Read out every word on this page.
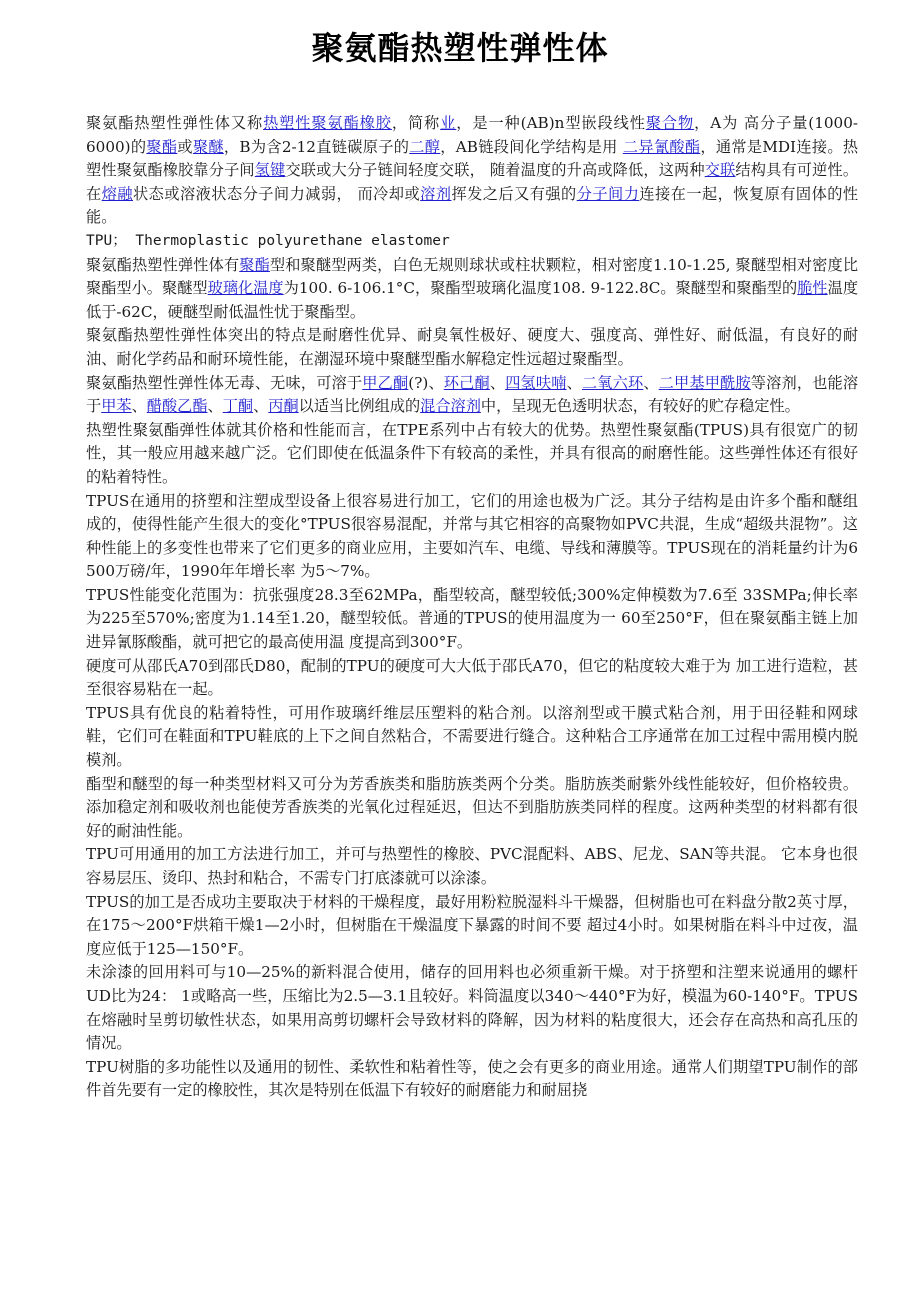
聚氨酯热塑性弹性体

聚氨酯热塑性弹性体又称热塑性聚氨酯橡胶，简称业，是一种(AB)n型嵌段线性聚合物，A为 高分子量(1000-6000)的聚酯或聚醚，B为含2-12直链碳原子的二醇，AB链段间化学结构是用 二异氰酸酯，通常是MDI连接。热塑性聚氨酯橡胶靠分子间氢键交联或大分子链间轻度交联， 随着温度的升高或降低，这两种交联结构具有可逆性。在熔融状态或溶液状态分子间力减弱， 而冷却或溶剂挥发之后又有强的分子间力连接在一起，恢复原有固体的性能。

TPU； Thermoplastic polyurethane elastomer

聚氨酯热塑性弹性体有聚酯型和聚醚型两类，白色无规则球状或柱状颗粒，相对密度1.10-1.25, 聚醚型相对密度比聚酯型小。聚醚型玻璃化温度为100. 6-106.1°C，聚酯型玻璃化温度108. 9-122.8C。聚醚型和聚酯型的脆性温度低于-62C，硬醚型耐低温性忧于聚酯型。

聚氨酯热塑性弹性体突出的特点是耐磨性优异、耐臭氧性极好、硬度大、强度高、弹性好、耐低温，有良好的耐油、耐化学药品和耐环境性能，在潮湿环境中聚醚型酯水解稳定性远超过聚酯型。

聚氨酯热塑性弹性体无毒、无味，可溶于甲乙酮(?)、环己酮、四氢呋喃、二氧六环、二甲基甲酰胺等溶剂，也能溶于甲苯、醋酸乙酯、丁酮、丙酮以适当比例组成的混合溶剂中，呈现无色透明状态，有较好的贮存稳定性。

热塑性聚氨酯弹性体就其价格和性能而言，在TPE系列中占有较大的优势。热塑性聚氨酯(TPUS)具有很宽广的韧性，其一般应用越来越广泛。它们即使在低温条件下有较高的柔性，并具有很高的耐磨性能。这些弹性体还有很好的粘着特性。

TPUS在通用的挤塑和注塑成型设备上很容易进行加工，它们的用途也极为广泛。其分子结构是由许多个酯和醚组成的，使得性能产生很大的变化°TPUS很容易混配，并常与其它相容的高聚物如PVC共混，生成“超级共混物”。这种性能上的多变性也带来了它们更多的商业应用，主要如汽车、电缆、导线和薄膜等。TPUS现在的消耗量约计为6 500万磅/年，1990年年增长率 为5〜7%。

TPUS性能变化范围为：抗张强度28.3至62MPa，酯型较高，醚型较低;300%定伸模数为7.6至 33SMPa;伸长率为225至570%;密度为1.14至1.20，醚型较低。普通的TPUS的使用温度为一 60至250°F，但在聚氨酯主链上加进异氰豚酸酯，就可把它的最高使用温 度提高到300°F。

硬度可从邵氏A70到邵氏D80，配制的TPU的硬度可大大低于邵氏A70，但它的粘度较大难于为 加工进行造粒，甚至很容易粘在一起。

TPUS具有优良的粘着特性，可用作玻璃纤维层压塑料的粘合剂。以溶剂型或干膜式粘合剂，用于田径鞋和网球鞋，它们可在鞋面和TPU鞋底的上下之间自然粘合，不需要进行缝合。这种粘合工序通常在加工过程中需用模内脱模剂。

酯型和醚型的每一种类型材料又可分为芳香族类和脂肪族类两个分类。脂肪族类耐紫外线性能较好，但价格较贵。添加稳定剂和吸收剂也能使芳香族类的光氧化过程延迟，但达不到脂肪族类同样的程度。这两种类型的材料都有很好的耐油性能。

TPU可用通用的加工方法进行加工，并可与热塑性的橡胶、PVC混配料、ABS、尼龙、SAN等共混。 它本身也很容易层压、烫印、热封和粘合，不需专门打底漆就可以涂漆。

TPUS的加工是否成功主要取决于材料的干燥程度，最好用粉粒脱湿料斗干燥器，但树脂也可在料盘分散2英寸厚，在175〜200°F烘箱干燥1—2小时，但树脂在干燥温度下暴露的时间不要 超过4小时。如果树脂在料斗中过夜，温度应低于125—150°F。

未涂漆的回用料可与10—25%的新料混合使用，储存的回用料也必须重新干燥。对于挤塑和注塑来说通用的螺杆UD比为24： 1或略高一些，压缩比为2.5—3.1且较好。料筒温度以340〜440°F为好，模温为60-140°F。TPUS在熔融时呈剪切敏性状态，如果用高剪切螺杆会导致材料的降解，因为材料的粘度很大，还会存在高热和高孔压的情况。

TPU树脂的多功能性以及通用的韧性、柔软性和粘着性等，使之会有更多的商业用途。通常人们期望TPU制作的部件首先要有一定的橡胶性，其次是特别在低温下有较好的耐磨能力和耐屈挠
